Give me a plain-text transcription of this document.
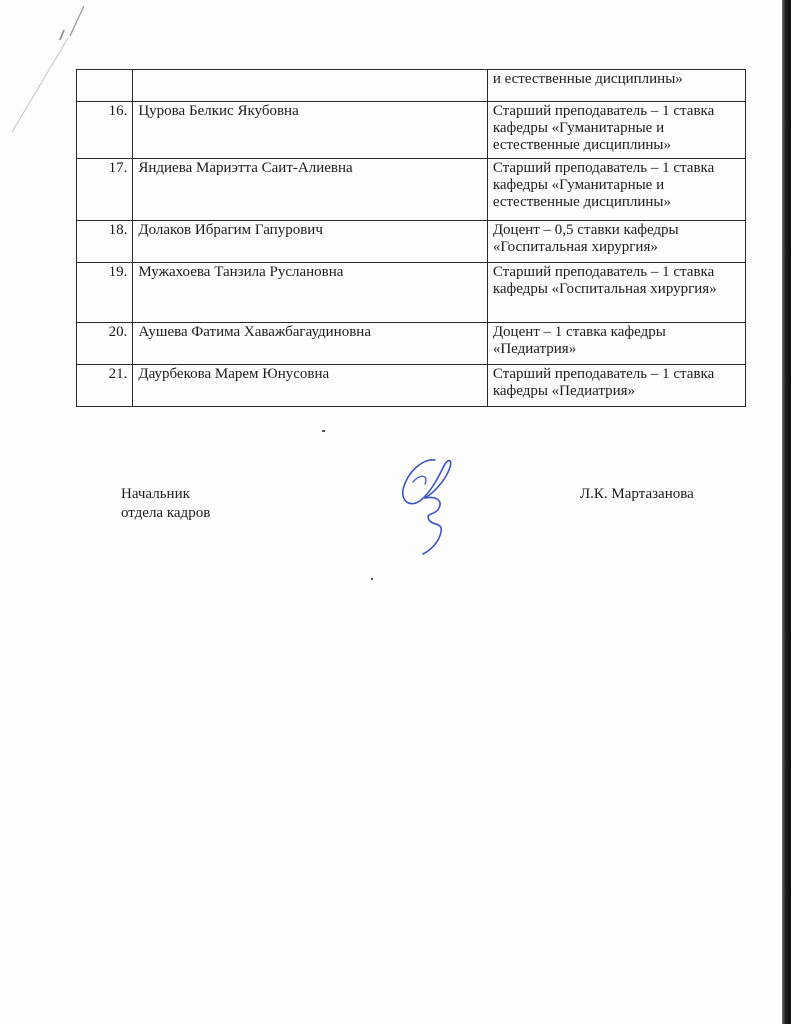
		и естественные дисциплины»
16.	Цурова Белкис Якубовна	Старший преподаватель – 1 ставка кафедры «Гуманитарные и естественные дисциплины»
17.	Яндиева Мариэтта Саит-Алиевна	Старший преподаватель – 1 ставка кафедры «Гуманитарные и естественные дисциплины»
18.	Долаков Ибрагим Гапурович	Доцент – 0,5 ставки кафедры «Госпитальная хирургия»
19.	Мужахоева Танзила Руслановна	Старший преподаватель – 1 ставка кафедры «Госпитальная хирургия»
20.	Аушева Фатима Хаважбагаудиновна	Доцент – 1 ставка кафедры «Педиатрия»
21.	Даурбекова Марем Юнусовна	Старший преподаватель – 1 ставка кафедры «Педиатрия»
Начальник
отдела кадров
Л.К. Мартазанова
